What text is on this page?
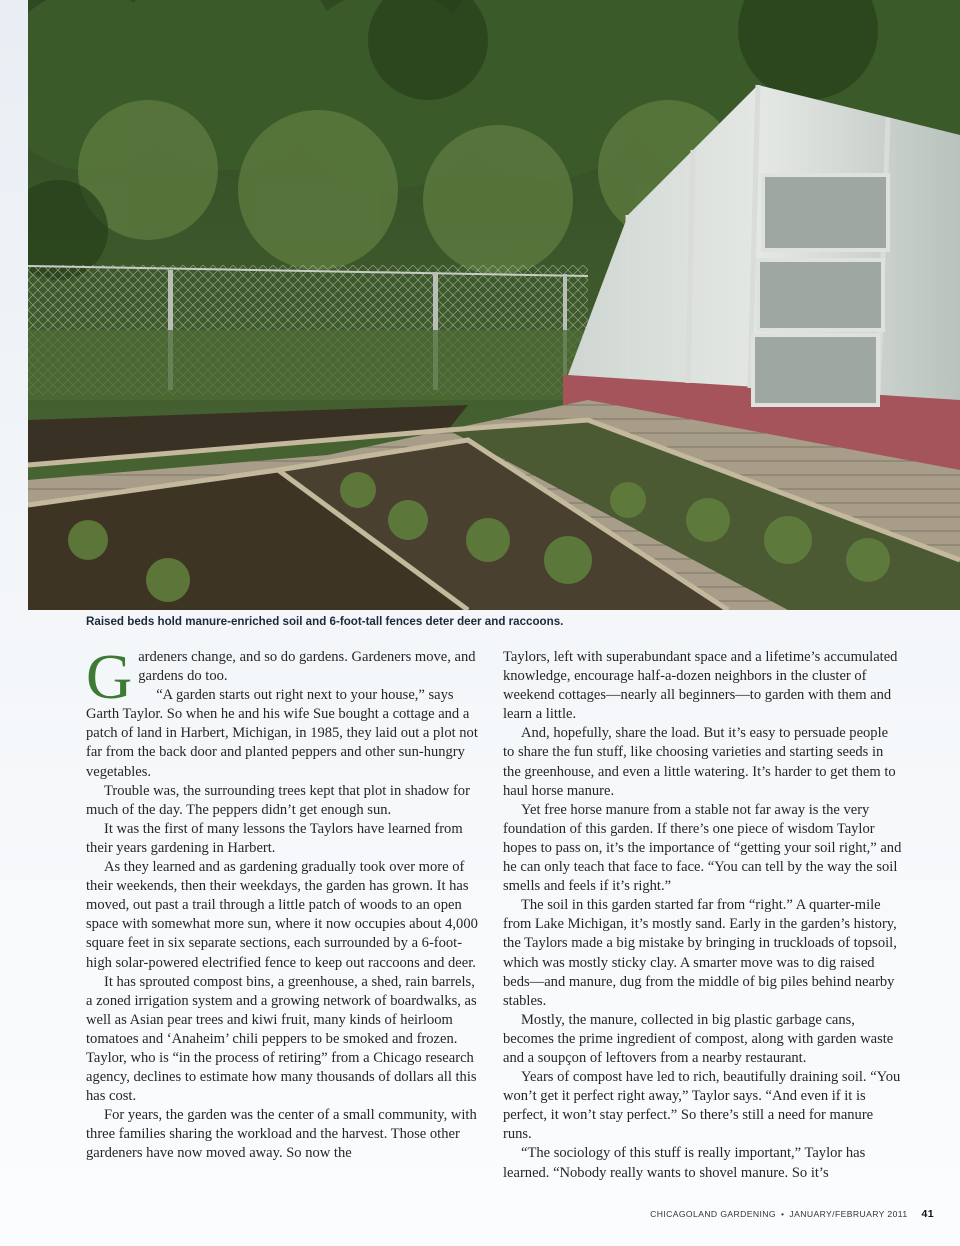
Raised beds hold manure-enriched soil and 6-foot-tall fences deter deer and raccoons.

Gardeners change, and so do gardens. Gardeners move, and gardens do too.

“A garden starts out right next to your house,” says Garth Taylor. So when he and his wife Sue bought a cottage and a patch of land in Harbert, Michigan, in 1985, they laid out a plot not far from the back door and planted peppers and other sun-hungry vegetables.

Trouble was, the surrounding trees kept that plot in shadow for much of the day. The peppers didn’t get enough sun.

It was the first of many lessons the Taylors have learned from their years gardening in Harbert.

As they learned and as gardening gradually took over more of their weekends, then their weekdays, the garden has grown. It has moved, out past a trail through a little patch of woods to an open space with somewhat more sun, where it now occupies about 4,000 square feet in six separate sections, each surrounded by a 6-foot-high solar-powered electrified fence to keep out raccoons and deer.

It has sprouted compost bins, a greenhouse, a shed, rain barrels, a zoned irrigation system and a growing network of boardwalks, as well as Asian pear trees and kiwi fruit, many kinds of heirloom tomatoes and ‘Anaheim’ chili peppers to be smoked and frozen. Taylor, who is “in the process of retiring” from a Chicago research agency, declines to estimate how many thousands of dollars all this has cost.

For years, the garden was the center of a small community, with three families sharing the workload and the harvest. Those other gardeners have now moved away. So now the

Taylors, left with superabundant space and a lifetime’s accumulated knowledge, encourage half-a-dozen neighbors in the cluster of weekend cottages—nearly all beginners—to garden with them and learn a little.

And, hopefully, share the load. But it’s easy to persuade people to share the fun stuff, like choosing varieties and starting seeds in the greenhouse, and even a little watering. It’s harder to get them to haul horse manure.

Yet free horse manure from a stable not far away is the very foundation of this garden. If there’s one piece of wisdom Taylor hopes to pass on, it’s the importance of “getting your soil right,” and he can only teach that face to face. “You can tell by the way the soil smells and feels if it’s right.”

The soil in this garden started far from “right.” A quarter-mile from Lake Michigan, it’s mostly sand. Early in the garden’s history, the Taylors made a big mistake by bringing in truckloads of topsoil, which was mostly sticky clay. A smarter move was to dig raised beds—and manure, dug from the middle of big piles behind nearby stables.

Mostly, the manure, collected in big plastic garbage cans, becomes the prime ingredient of compost, along with garden waste and a soupçon of leftovers from a nearby restaurant.

Years of compost have led to rich, beautifully draining soil. “You won’t get it perfect right away,” Taylor says. “And even if it is perfect, it won’t stay perfect.” So there’s still a need for manure runs.

“The sociology of this stuff is really important,” Taylor has learned. “Nobody really wants to shovel manure. So it’s

CHICAGOLAND GARDENING • JANUARY/FEBRUARY 2011 41
